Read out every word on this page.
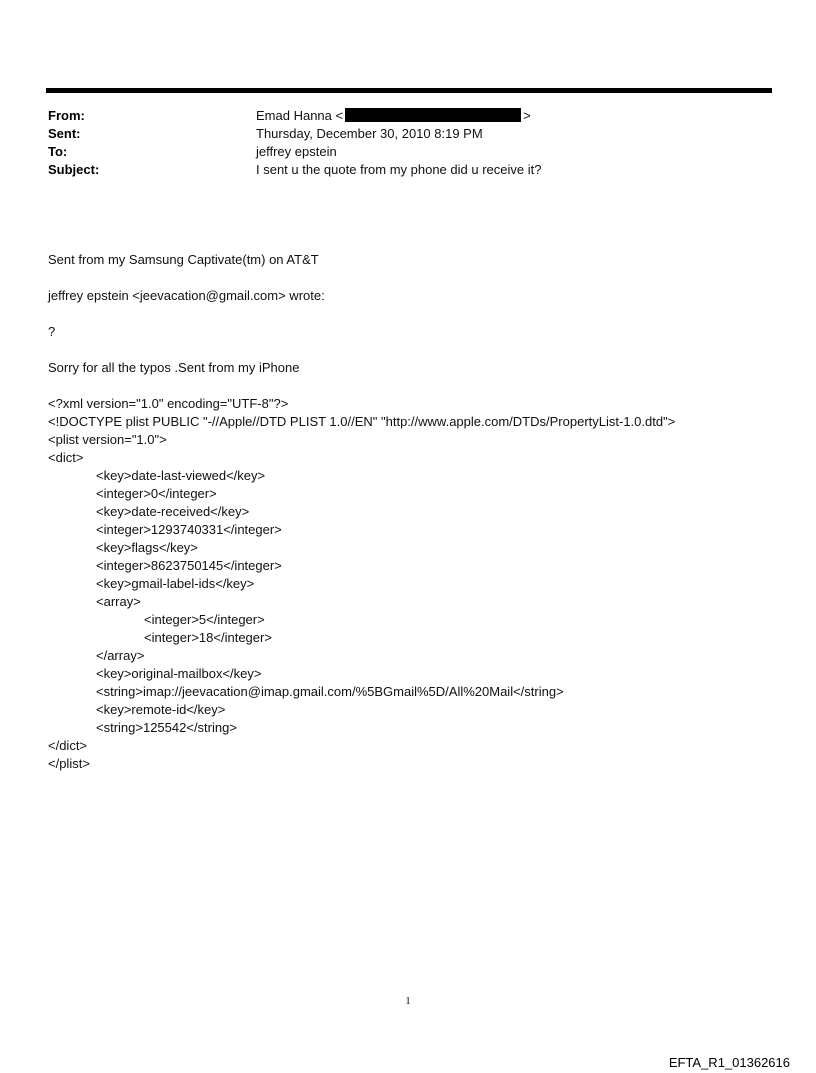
From:	Emad Hanna <	>
Sent:	Thursday, December 30, 2010 8:19 PM
To:	jeffrey epstein
Subject:	I sent u the quote from my phone did u receive it?

Sent from my Samsung Captivate(tm) on AT&T

jeffrey epstein <jeevacation@gmail.com> wrote:

?

Sorry for all the typos .Sent from my iPhone

<?xml version="1.0" encoding="UTF-8"?>
<!DOCTYPE plist PUBLIC "-//Apple//DTD PLIST 1.0//EN" "http://www.apple.com/DTDs/PropertyList-1.0.dtd">
<plist version="1.0">
<dict>
<key>date-last-viewed</key>
<integer>0</integer>
<key>date-received</key>
<integer>1293740331</integer>
<key>flags</key>
<integer>8623750145</integer>
<key>gmail-label-ids</key>
<array>
<integer>5</integer>
<integer>18</integer>
</array>
<key>original-mailbox</key>
<string>imap://jeevacation@imap.gmail.com/%5BGmail%5D/All%20Mail</string>
<key>remote-id</key>
<string>125542</string>
</dict>
</plist>
1
EFTA_R1_01362616
